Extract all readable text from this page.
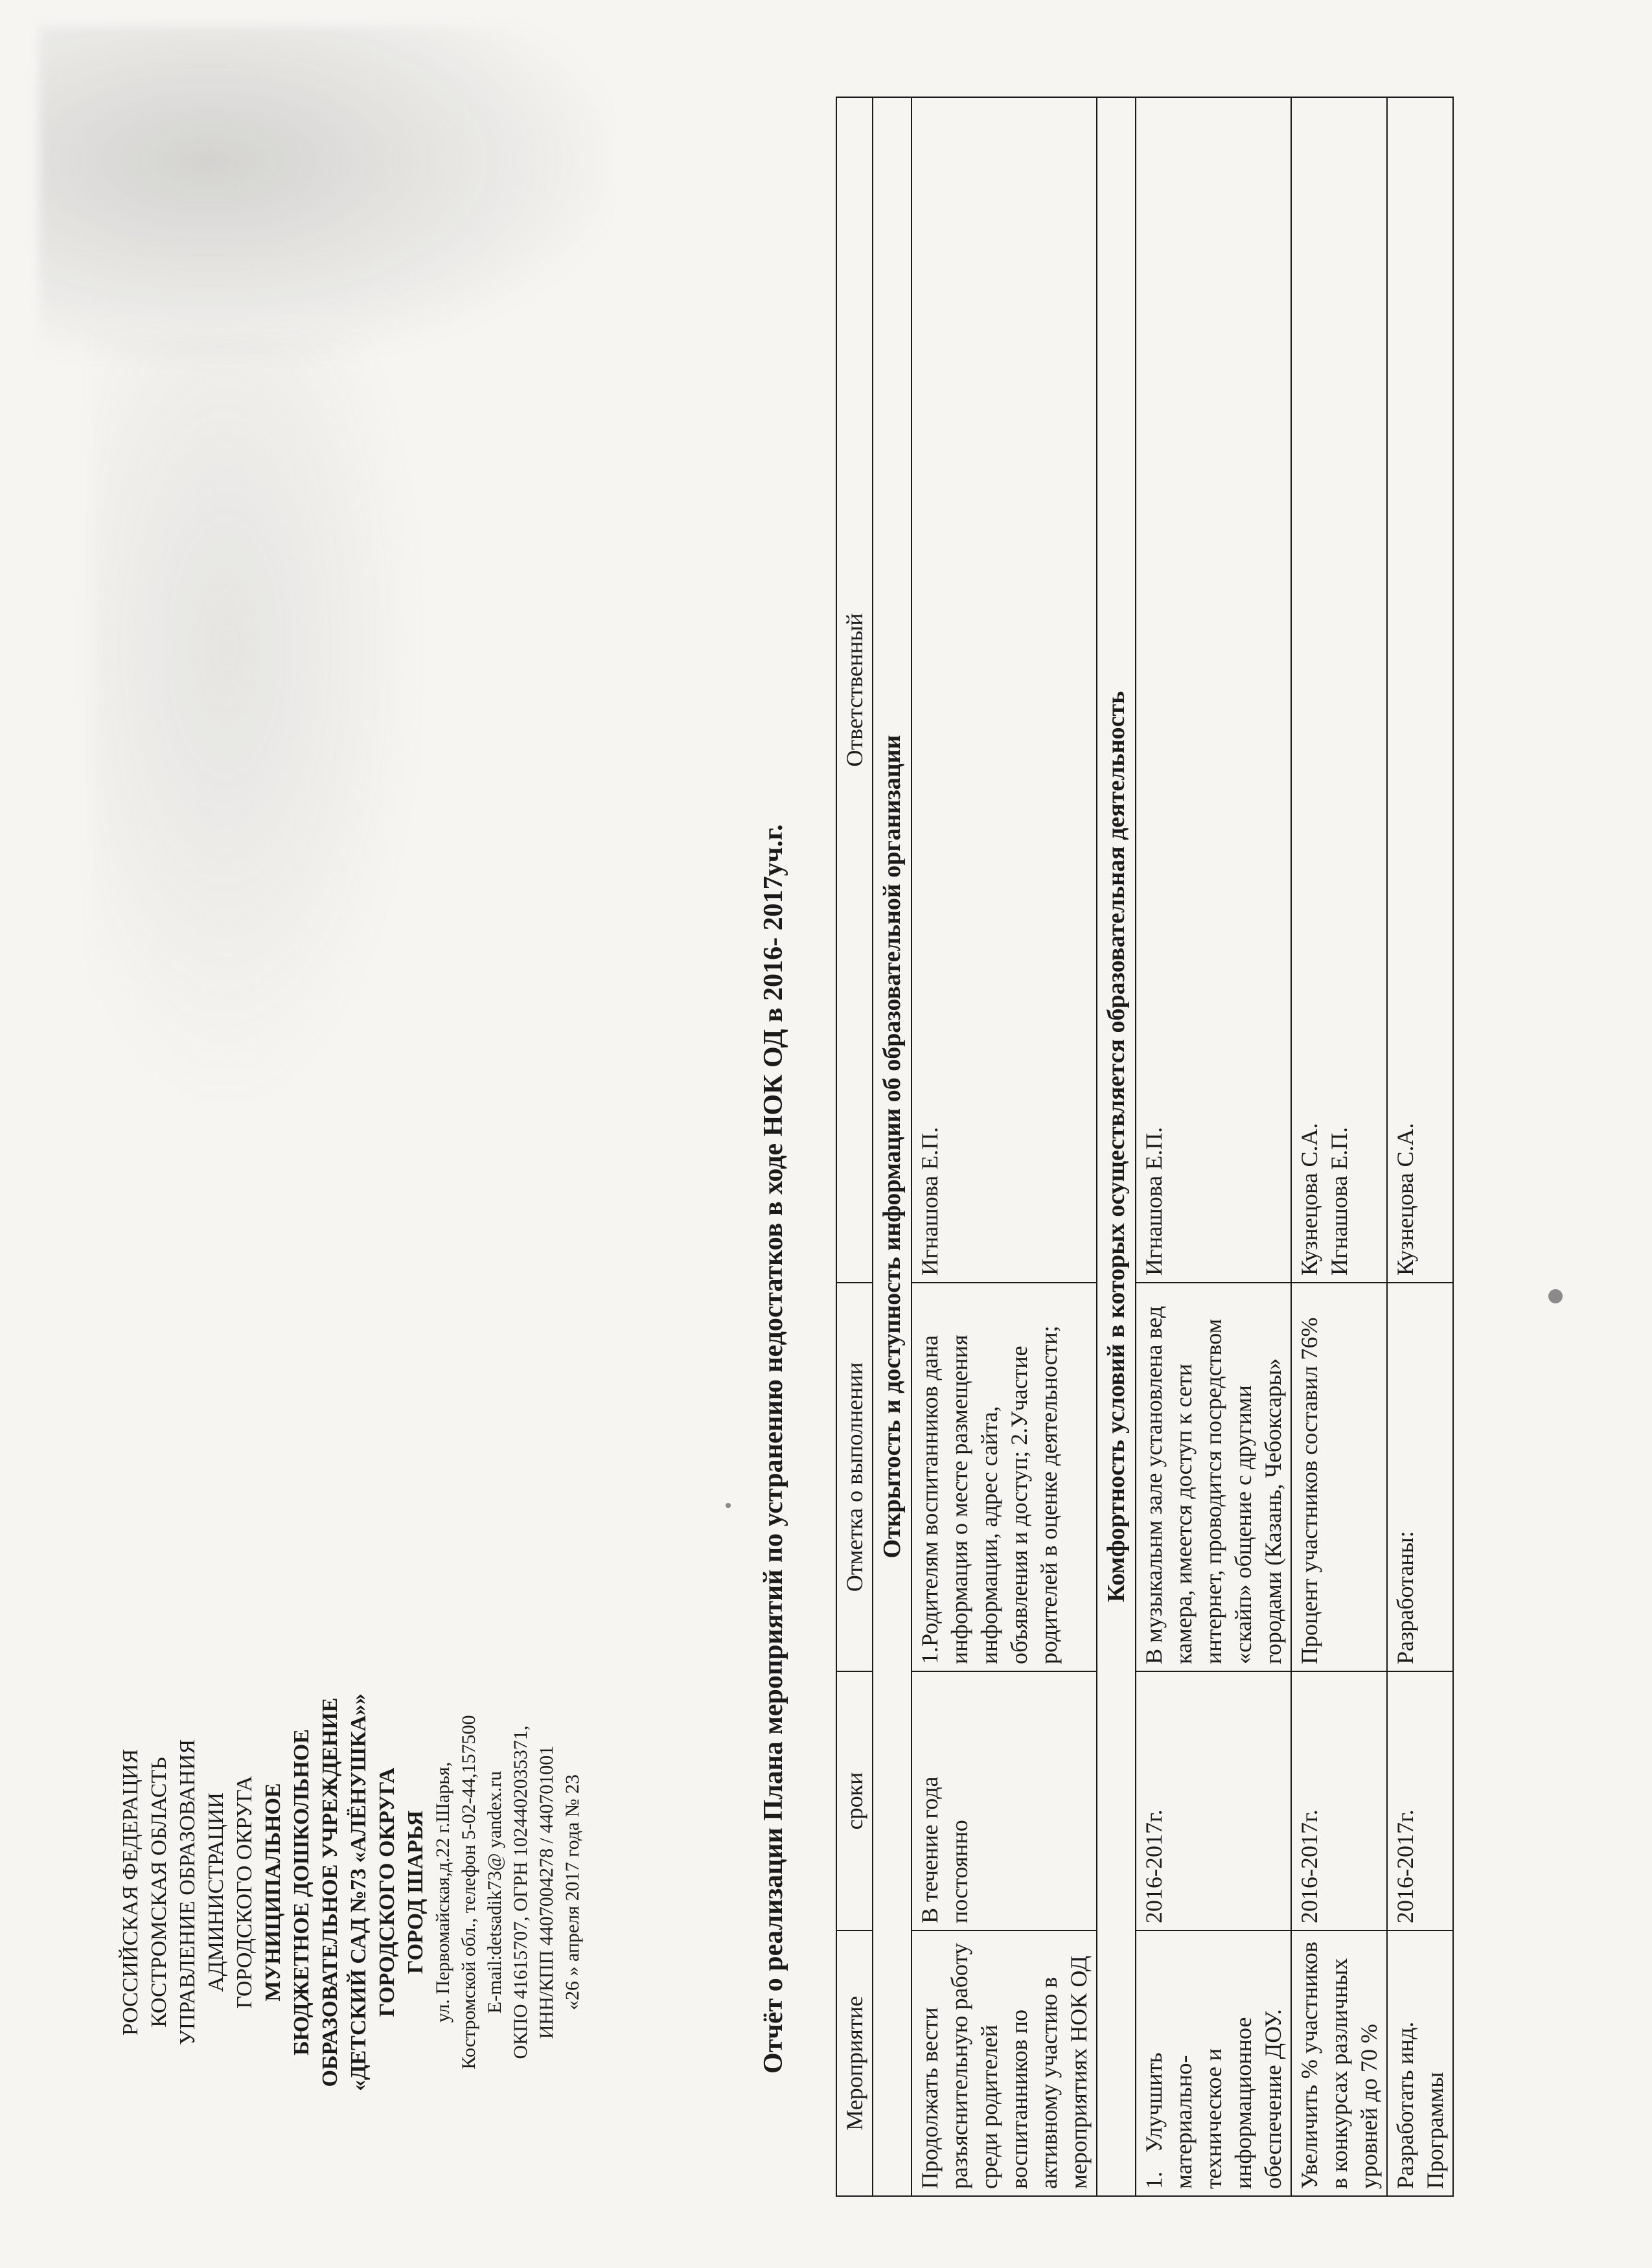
РОССИЙСКАЯ ФЕДЕРАЦИЯ КОСТРОМСКАЯ ОБЛАСТЬ УПРАВЛЕНИЕ ОБРАЗОВАНИЯ АДМИНИСТРАЦИИ ГОРОДСКОГО ОКРУГА МУНИЦИПАЛЬНОЕ БЮДЖЕТНОЕ ДОШКОЛЬНОЕ ОБРАЗОВАТЕЛЬНОЕ УЧРЕЖДЕНИЕ «ДЕТСКИЙ САД №73 «АЛЁНУШКА»» ГОРОДСКОГО ОКРУГА ГОРОД ШАРЬЯ ул. Первомайская,д.22 г.Шарья, Костромской обл., телефон 5-02-44,157500 E-mail:detsadik73@ yandex.ru ОКПО 41615707, ОГРН 1024402035371, ИНН/КПП 4407004278 / 440701001 «26 » апреля 2017 года № 23	Отчёт о реализации Плана мероприятий по устранению недостатков в ходе НОК ОД в 2016- 2017уч.г. Мероприятие	сроки	Отметка о выполнении	Ответственный
Открытость и доступность информации об образовательной организации			
Продолжать вести разъяснительную работу среди родителей воспитанников по активному участию в мероприятиях НОК ОД	В течение года постоянно	1.Родителям воспитанников дана информация о месте размещения информации, адрес сайта, объявления и доступ; 2.Участие родителей в оценке деятельности;	Игнашова Е.П.
Комфортность условий в которых осуществляется образовательная деятельность			
1.Улучшить материально-техническое и информационное обеспечение ДОУ.	2016-2017г.	В музыкальнм зале установлена вед камера, имеется доступ к сети интернет, проводится посредством «скайп» общение с другими городами (Казань, Чебоксары»	Игнашова Е.П.
Увеличить % участников в конкурсах различных уровней до 70 %	2016-2017г.	Процент участников составил 76%	Кузнецова С.А. Игнашова Е.П.

Разработать инд. Программы	2016-2017г.	Разработаны:	Кузнецова С.А.
